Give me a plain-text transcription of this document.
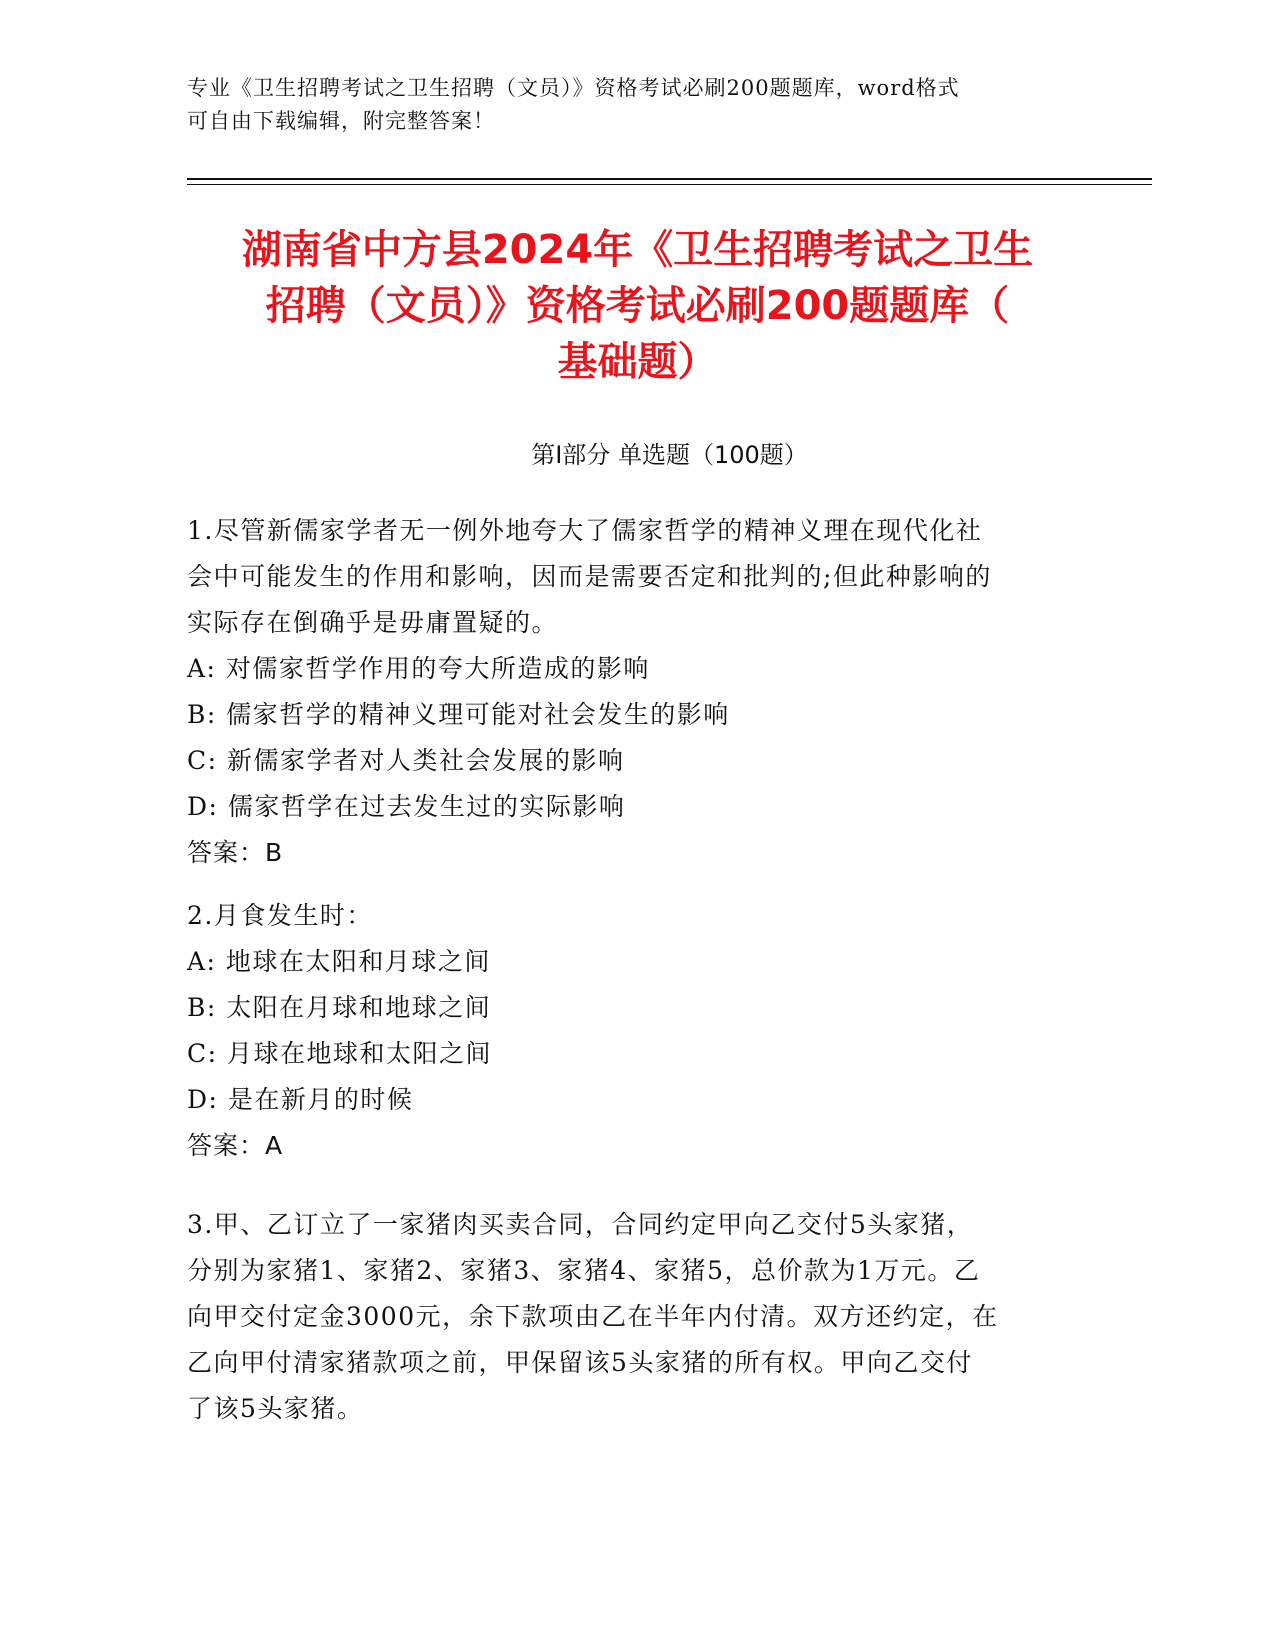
专业《卫生招聘考试之卫生招聘（文员）》资格考试必刷200题题库，word格式
可自由下载编辑，附完整答案！
湖南省中方县2024年《卫生招聘考试之卫生
招聘（文员）》资格考试必刷200题题库（
基础题）
第Ⅰ部分 单选题（100题）
1.尽管新儒家学者无一例外地夸大了儒家哲学的精神义理在现代化社
会中可能发生的作用和影响，因而是需要否定和批判的;但此种影响的
实际存在倒确乎是毋庸置疑的。
A: 对儒家哲学作用的夸大所造成的影响
B: 儒家哲学的精神义理可能对社会发生的影响
C: 新儒家学者对人类社会发展的影响
D: 儒家哲学在过去发生过的实际影响
答案：B
2.月食发生时：
A: 地球在太阳和月球之间
B: 太阳在月球和地球之间
C: 月球在地球和太阳之间
D: 是在新月的时候
答案：A
3.甲、乙订立了一家猪肉买卖合同，合同约定甲向乙交付5头家猪，
分别为家猪1、家猪2、家猪3、家猪4、家猪5，总价款为1万元。乙
向甲交付定金3000元，余下款项由乙在半年内付清。双方还约定，在
乙向甲付清家猪款项之前，甲保留该5头家猪的所有权。甲向乙交付
了该5头家猪。
